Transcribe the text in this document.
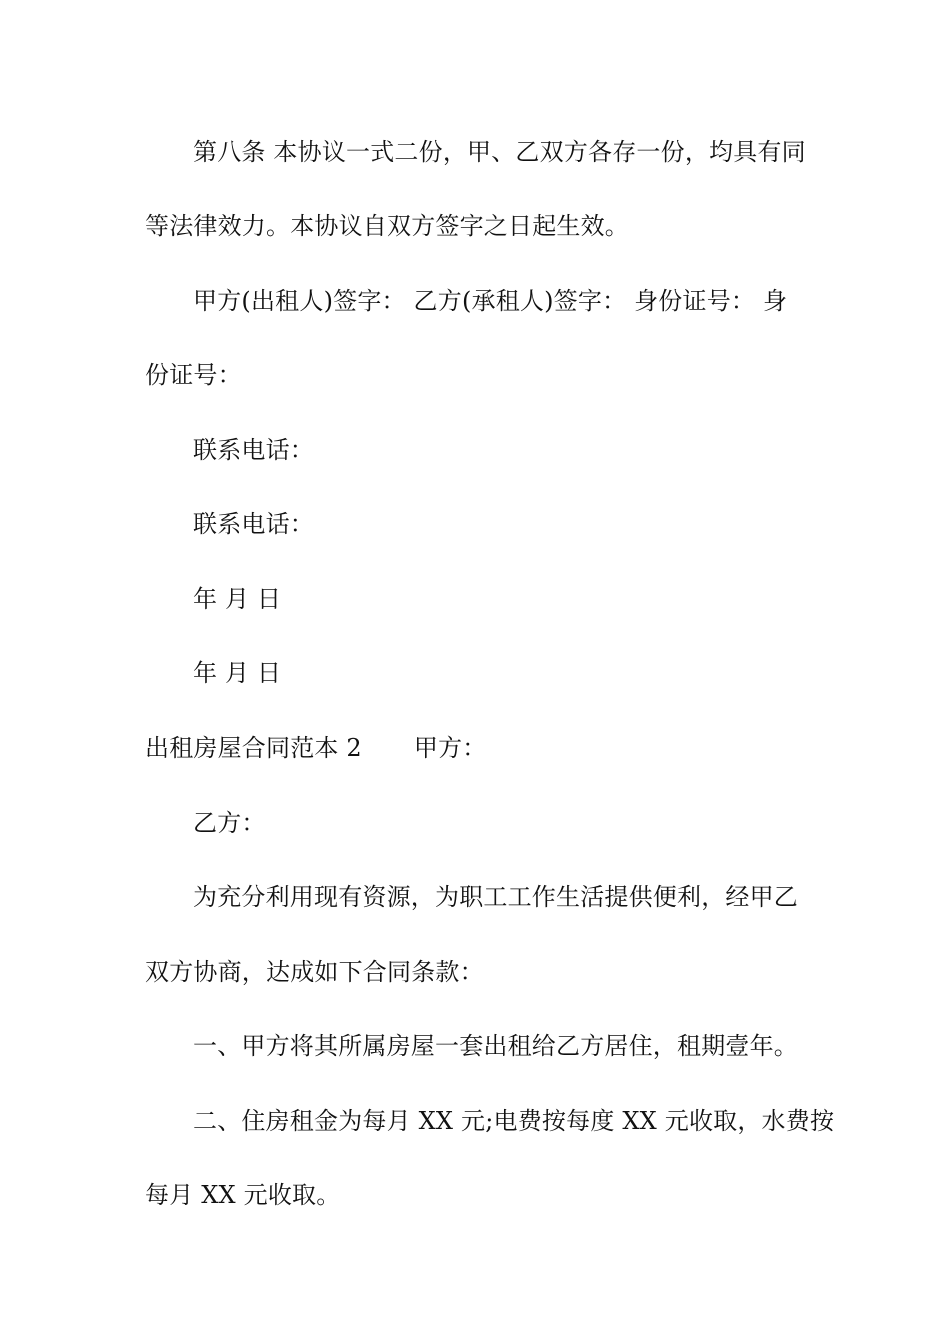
第八条 本协议一式二份，甲、乙双方各存一份，均具有同
等法律效力。本协议自双方签字之日起生效。
甲方(出租人)签字： 乙方(承租人)签字： 身份证号： 身
份证号：
联系电话：
联系电话：
年 月 日
年 月 日
出租房屋合同范本 2 甲方：
乙方：
为充分利用现有资源，为职工工作生活提供便利，经甲乙
双方协商，达成如下合同条款：
一、甲方将其所属房屋一套出租给乙方居住，租期壹年。
二、住房租金为每月 XX 元;电费按每度 XX 元收取，水费按
每月 XX 元收取。
